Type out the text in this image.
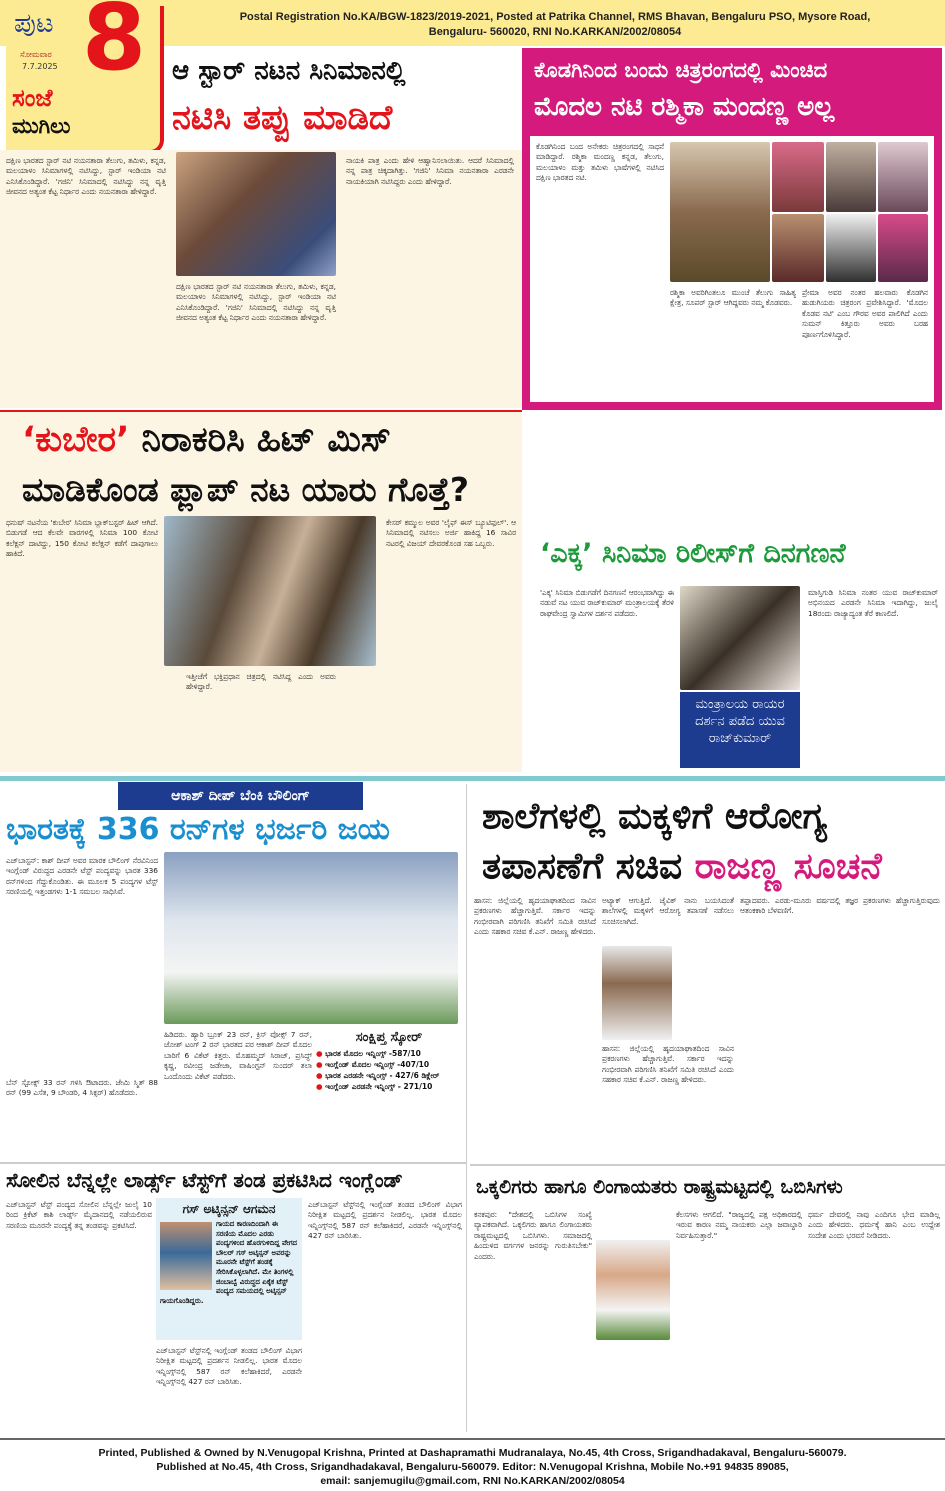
ಪುಟ 8
ಸೋಮವಾರ
7.7.2025
ಸಂಜೆ
ಮುಗಿಲು
Postal Registration No.KA/BGW-1823/2019-2021, Posted at Patrika Channel, RMS Bhavan, Bengaluru PSO, Mysore Road,
Bengaluru- 560020, RNI No.KARKAN/2002/08054
ಆ ಸ್ಟಾರ್ ನಟನ ಸಿನಿಮಾನಲ್ಲಿ
ನಟಿಸಿ ತಪ್ಪು ಮಾಡಿದೆ
ದಕ್ಷಿಣ ಭಾರತದ ಸ್ಟಾರ್ ನಟಿ ನಯನತಾರಾ ತೆಲುಗು, ತಮಿಳು, ಕನ್ನಡ, ಮಲಯಾಳಂ ಸಿನಿಮಾಗಳಲ್ಲಿ ನಟಿಸಿದ್ದು, ಸ್ಟಾರ್ ಇಂಡಿಯಾ ನಟಿ ಎನಿಸಿಕೊಂಡಿದ್ದಾರೆ. 'ಗಜಿನಿ' ಸಿನಿಮಾದಲ್ಲಿ ನಟಿಸಿದ್ದು ನನ್ನ ವೃತ್ತಿ ಜೀವನದ ಅತ್ಯಂತ ಕೆಟ್ಟ ನಿರ್ಧಾರ ಎಂದು ನಯನತಾರಾ ಹೇಳಿದ್ದಾರೆ.
ನಾಯಕಿ ಪಾತ್ರ ಎಂದು ಹೇಳಿ ಆಹ್ವಾನಿಸಲಾಯಿತು. ಆದರೆ ಸಿನಿಮಾದಲ್ಲಿ ನನ್ನ ಪಾತ್ರ ಚಿಕ್ಕದಾಗಿತ್ತು. 'ಗಜಿನಿ' ಸಿನಿಮಾ ನಯನತಾರಾ ಎರಡನೇ ನಾಯಕಿಯಾಗಿ ನಟಿಸಿದ್ದರು ಎಂದು ಹೇಳಿದ್ದಾರೆ.
ದಕ್ಷಿಣ ಭಾರತದ ಸ್ಟಾರ್ ನಟಿ ನಯನತಾರಾ ತೆಲುಗು, ತಮಿಳು, ಕನ್ನಡ, ಮಲಯಾಳಂ ಸಿನಿಮಾಗಳಲ್ಲಿ ನಟಿಸಿದ್ದು, ಸ್ಟಾರ್ ಇಂಡಿಯಾ ನಟಿ ಎನಿಸಿಕೊಂಡಿದ್ದಾರೆ. 'ಗಜಿನಿ' ಸಿನಿಮಾದಲ್ಲಿ ನಟಿಸಿದ್ದು ನನ್ನ ವೃತ್ತಿ ಜೀವನದ ಅತ್ಯಂತ ಕೆಟ್ಟ ನಿರ್ಧಾರ ಎಂದು ನಯನತಾರಾ ಹೇಳಿದ್ದಾರೆ.
ಕೊಡಗಿನಿಂದ ಬಂದು ಚಿತ್ರರಂಗದಲ್ಲಿ ಮಿಂಚಿದ
ಮೊದಲ ನಟಿ ರಶ್ಮಿಕಾ ಮಂದಣ್ಣ ಅಲ್ಲ
ಕೊಡಗಿನಿಂದ ಬಂದ ಅನೇಕರು ಚಿತ್ರರಂಗದಲ್ಲಿ ಸಾಧನೆ ಮಾಡಿದ್ದಾರೆ. ರಶ್ಮಿಕಾ ಮಂದಣ್ಣ ಕನ್ನಡ, ತೆಲುಗು, ಮಲಯಾಳಂ ಮತ್ತು ತಮಿಳು ಭಾಷೆಗಳಲ್ಲಿ ನಟಿಸಿದ ದಕ್ಷಿಣ ಭಾರತದ ನಟಿ.
ರಶ್ಮಿಕಾ ಅವರಿಗಿಂತಲೂ ಮುಂಚೆ ತೆಲುಗು ಸಾಹಿತ್ಯ ಕ್ಷೇತ್ರ, ಸೂಪರ್ ಸ್ಟಾರ್ ಆಗಿದ್ದವರು ನಮ್ಮ ಕೊಡವರು.
ಪ್ರೇಮಾ ಅವರ ನಂತರ ಹಲವಾರು ಕೊಡಗಿನ ಹುಡುಗಿಯರು ಚಿತ್ರರಂಗ ಪ್ರವೇಶಿಸಿದ್ದಾರೆ. 'ಮೊದಲ ಕೊಡವ ನಟಿ' ಎಂಬ ಗೌರವ ಅವರ ಪಾಲಿಗಿದೆ ಎಂದು ಸುಮನ್ ಕಿತ್ತೂರು ಅವರು ಬರಹ ಪೂರ್ಣಗೊಳಿಸಿದ್ದಾರೆ.
‘ಕುಬೇರ’ ನಿರಾಕರಿಸಿ ಹಿಟ್ ಮಿಸ್
ಮಾಡಿಕೊಂಡ ಫ್ಲಾಪ್ ನಟ ಯಾರು ಗೊತ್ತೆ?
ಧನುಷ್ ನಟನೆಯ 'ಕುಬೇರ' ಸಿನಿಮಾ ಬ್ಲಾಕ್‌ಬಸ್ಟರ್ ಹಿಟ್ ಆಗಿದೆ. ಬಿಡುಗಡೆ ಆದ ಕೆಲವೇ ವಾರಗಳಲ್ಲಿ ಸಿನಿಮಾ 100 ಕೋಟಿ ಕಲೆಕ್ಷನ್ ದಾಟಿದ್ದು, 150 ಕೋಟಿ ಕಲೆಕ್ಷನ್ ಕಡೆಗೆ ದಾಪುಗಾಲು ಹಾಕಿದೆ.
ಇತ್ತೀಚೆಗೆ ಭಕ್ತಿಪ್ರಧಾನ ಚಿತ್ರದಲ್ಲಿ ನಟಿಸಿದ್ದ ಎಂದು ಅವರು ಹೇಳಿದ್ದಾರೆ.
ಕೇಸರ್ ಕಮ್ಮುಲ ಅವರ 'ಲೈಫ್ ಈಸ್ ಬ್ಯೂಟಿಫುಲ್'. ಆ ಸಿನಿಮಾದಲ್ಲಿ ನಟಿಸಲು ಅರ್ಜಿ ಹಾಕಿದ್ದ 16 ಸಾವಿರ ನಟರಲ್ಲಿ ವಿಜಯ್ ದೇವರಕೊಂಡ ಸಹ ಒಬ್ಬರು.	‘ಎಕ್ಕ’ ಸಿನಿಮಾ ರಿಲೀಸ್‌ಗೆ ದಿನಗಣನೆ
'ಎಕ್ಕ' ಸಿನಿಮಾ ಬಿಡುಗಡೆಗೆ ದಿನಗಣನೆ ಆರಂಭವಾಗಿದ್ದು ಈ ನಡುವೆ ನಟ ಯುವ ರಾಜ್‌ಕುಮಾರ್ ಮಂತ್ರಾಲಯಕ್ಕೆ ತೆರಳಿ ರಾಘವೇಂದ್ರ ಸ್ವಾಮಿಗಳ ದರ್ಶನ ಪಡೆದರು.
ಮಂತ್ರಾಲಯ ರಾಯರ ದರ್ಶನ ಪಡೆದ ಯುವ ರಾಜ್‌ಕುಮಾರ್
ಮಾಸ್ತಿಗುಡಿ ಸಿನಿಮಾ ನಂತರ ಯುವ ರಾಜ್‌ಕುಮಾರ್ ಅಭಿನಯದ ಎರಡನೇ ಸಿನಿಮಾ ಇದಾಗಿದ್ದು, ಜುಲೈ 18ರಂದು ರಾಜ್ಯಾದ್ಯಂತ ತೆರೆ ಕಾಣಲಿದೆ.
ಆಕಾಶ್ ದೀಪ್ ಬೆಂಕಿ ಬೌಲಿಂಗ್
ಭಾರತಕ್ಕೆ 336 ರನ್‌ಗಳ ಭರ್ಜರಿ ಜಯ
ಎಜ್‌ಬಾಸ್ಟನ್: ಕಾಶ್ ದೀಪ್ ಅವರ ಮಾರಕ ಬೌಲಿಂಗ್ ನೆರವಿನಿಂದ ಇಂಗ್ಲೆಂಡ್ ವಿರುದ್ಧದ ಎರಡನೇ ಟೆಸ್ಟ್ ಪಂದ್ಯವನ್ನು ಭಾರತ 336 ರನ್‌ಗಳಿಂದ ಗೆದ್ದುಕೊಂಡಿತು. ಈ ಮೂಲಕ 5 ಪಂದ್ಯಗಳ ಟೆಸ್ಟ್ ಸರಣಿಯಲ್ಲಿ ಇತ್ತಂಡಗಳು 1-1 ಸಮಬಲ ಸಾಧಿಸಿವೆ.
ಬೆನ್ ಸ್ಟೋಕ್ಸ್ 33 ರನ್ ಗಳಿಸಿ ಔಟಾದರು. ಜೇಮಿ ಸ್ಮಿತ್ 88 ರನ್ (99 ಎಸೆತ, 9 ಬೌಂಡರಿ, 4 ಸಿಕ್ಸರ್) ಹೊಡೆದರು.
ಹಿಡಿದರು. ಹ್ಯಾರಿ ಬ್ರೂಕ್ 23 ರನ್, ಕ್ರಿಸ್ ವೋಕ್ಸ್ 7 ರನ್, ಜೋಶ್ ಟಂಗ್ 2 ರನ್ ಭಾರತದ ಪರ ಆಕಾಶ್ ದೀಪ್ ಮೊದಲ ಬಾರಿಗೆ 6 ವಿಕೆಟ್ ಕಿತ್ತರು. ಮೊಹಮ್ಮದ್ ಸಿರಾಜ್, ಪ್ರಸಿದ್ಧ್ ಕೃಷ್ಣ, ರವೀಂದ್ರ ಜಡೇಜಾ, ವಾಷಿಂಗ್ಟನ್ ಸುಂದರ್ ತಲಾ ಒಂದೊಂದು ವಿಕೆಟ್ ಪಡೆದರು.
ಸಂಕ್ಷಿಪ್ತ ಸ್ಕೋರ್
● ಭಾರತ ಮೊದಲ ಇನ್ನಿಂಗ್ಸ್ -587/10
● ಇಂಗ್ಲೆಂಡ್ ಮೊದಲ ಇನ್ನಿಂಗ್ಸ್ -407/10
● ಭಾರತ ಎರಡನೇ ಇನ್ನಿಂಗ್ಸ್ - 427/6 ಡಿಕ್ಲೇರ್
● ಇಂಗ್ಲೆಂಡ್ ಎರಡನೇ ಇನ್ನಿಂಗ್ಸ್ - 271/10
ಶಾಲೆಗಳಲ್ಲಿ ಮಕ್ಕಳಿಗೆ ಆರೋಗ್ಯ
ತಪಾಸಣೆಗೆ ಸಚಿವ ರಾಜಣ್ಣ ಸೂಚನೆ
ಹಾಸನ: ಜಿಲ್ಲೆಯಲ್ಲಿ ಹೃದಯಾಘಾತದಿಂದ ಸಾವಿನ ಪ್ರಕರಣಗಳು ಹೆಚ್ಚಾಗುತ್ತಿವೆ. ಸರ್ಕಾರ ಇದನ್ನು ಗಂಭೀರವಾಗಿ ಪರಿಗಣಿಸಿ ತನಿಖೆಗೆ ಸಮಿತಿ ರಚಿಸಿದೆ ಎಂದು ಸಹಕಾರ ಸಚಿವ ಕೆ.ಎನ್. ರಾಜಣ್ಣ ಹೇಳಿದರು.
ಅಟ್ಯಾಕ್ ಆಗುತ್ತಿದೆ. ಜೈವಿಕ್ ನಾನು ಬಯಸಿದಂತೆ ಶಾಲೆಗಳಲ್ಲಿ ಮಕ್ಕಳಿಗೆ ಆರೋಗ್ಯ ತಪಾಸಣೆ ನಡೆಸಲು ಸೂಚಿಸಲಾಗಿದೆ.
ಹಾಸನ: ಜಿಲ್ಲೆಯಲ್ಲಿ ಹೃದಯಾಘಾತದಿಂದ ಸಾವಿನ ಪ್ರಕರಣಗಳು ಹೆಚ್ಚಾಗುತ್ತಿವೆ. ಸರ್ಕಾರ ಇದನ್ನು ಗಂಭೀರವಾಗಿ ಪರಿಗಣಿಸಿ ತನಿಖೆಗೆ ಸಮಿತಿ ರಚಿಸಿದೆ ಎಂದು ಸಹಕಾರ ಸಚಿವ ಕೆ.ಎನ್. ರಾಜಣ್ಣ ಹೇಳಿದರು.
ತಪ್ಪಾದವರು. ಎರಡು-ಮೂರು ವರ್ಷದಲ್ಲಿ ತಜ್ಞರ ಪ್ರಕರಣಗಳು ಹೆಚ್ಚಾಗುತ್ತಿರುವುದು ಆತಂಕಕಾರಿ ಬೆಳವಣಿಗೆ.
ಸೋಲಿನ ಬೆನ್ನಲ್ಲೇ ಲಾರ್ಡ್ಸ್ ಟೆಸ್ಟ್‌ಗೆ ತಂಡ ಪ್ರಕಟಿಸಿದ ಇಂಗ್ಲೆಂಡ್
ಎಜ್‌ಬಾಸ್ಟನ್ ಟೆಸ್ಟ್ ಪಂದ್ಯದ ಸೋಲಿನ ಬೆನ್ನಲ್ಲೇ ಜುಲೈ 10 ರಿಂದ ಕ್ರಿಕೆಟ್ ಕಾಶಿ ಲಾರ್ಡ್ಸ್ ಮೈದಾನದಲ್ಲಿ ನಡೆಯಲಿರುವ ಸರಣಿಯ ಮೂರನೇ ಪಂದ್ಯಕ್ಕೆ ತನ್ನ ತಂಡವನ್ನು ಪ್ರಕಟಿಸಿದೆ.
ಗಸ್ ಅಟ್ಕಿನ್ಸನ್ ಆಗಮನ
ಗಾಯದ ಕಾರಣದಿಂದಾಗಿ ಈ ಸರಣಿಯ ಮೊದಲ ಎರಡು ಪಂದ್ಯಗಳಿಂದ ಹೊರಗುಳಿದಿದ್ದ ವೇಗದ ಬೌಲರ್ ಗಸ್ ಅಟ್ಕಿನ್ಸನ್ ಅವರನ್ನು ಮೂರನೇ ಟೆಸ್ಟ್‌ಗೆ ತಂಡಕ್ಕೆ ಸೇರಿಸಿಕೊಳ್ಳಲಾಗಿದೆ. ಮೇ ತಿಂಗಳಲ್ಲಿ ಜಿಂಬಾಬ್ವೆ ವಿರುದ್ಧದ ಏಕೈಕ ಟೆಸ್ಟ್ ಪಂದ್ಯದ ಸಮಯದಲ್ಲಿ ಅಟ್ಕಿನ್ಸನ್ ಗಾಯಗೊಂಡಿದ್ದರು.
ಎಜ್‌ಬಾಸ್ಟನ್ ಟೆಸ್ಟ್‌ನಲ್ಲಿ ಇಂಗ್ಲೆಂಡ್ ತಂಡದ ಬೌಲಿಂಗ್ ವಿಭಾಗ ನಿರೀಕ್ಷಿತ ಮಟ್ಟದಲ್ಲಿ ಪ್ರದರ್ಶನ ನೀಡಲಿಲ್ಲ. ಭಾರತ ಮೊದಲ ಇನ್ನಿಂಗ್ಸ್‌ನಲ್ಲಿ 587 ರನ್ ಕಲೆಹಾಕಿದರೆ, ಎರಡನೇ ಇನ್ನಿಂಗ್ಸ್‌ನಲ್ಲಿ 427 ರನ್ ಬಾರಿಸಿತು.
ಎಜ್‌ಬಾಸ್ಟನ್ ಟೆಸ್ಟ್‌ನಲ್ಲಿ ಇಂಗ್ಲೆಂಡ್ ತಂಡದ ಬೌಲಿಂಗ್ ವಿಭಾಗ ನಿರೀಕ್ಷಿತ ಮಟ್ಟದಲ್ಲಿ ಪ್ರದರ್ಶನ ನೀಡಲಿಲ್ಲ. ಭಾರತ ಮೊದಲ ಇನ್ನಿಂಗ್ಸ್‌ನಲ್ಲಿ 587 ರನ್ ಕಲೆಹಾಕಿದರೆ, ಎರಡನೇ ಇನ್ನಿಂಗ್ಸ್‌ನಲ್ಲಿ 427 ರನ್ ಬಾರಿಸಿತು.
ಒಕ್ಕಲಿಗರು ಹಾಗೂ ಲಿಂಗಾಯತರು ರಾಷ್ಟ್ರಮಟ್ಟದಲ್ಲಿ ಒಬಿಸಿಗಳು
ಕನಕಪುರ: "ದೇಶದಲ್ಲಿ ಒಬಿಸಿಗಳ ಸಂಖ್ಯೆ ವ್ಯಾಪಕವಾಗಿದೆ. ಒಕ್ಕಲಿಗರು ಹಾಗೂ ಲಿಂಗಾಯತರು ರಾಷ್ಟ್ರಮಟ್ಟದಲ್ಲಿ ಒಬಿಸಿಗಳು. ಸಮಾಜದಲ್ಲಿ ಹಿಂದುಳಿದ ವರ್ಗಗಳ ಜನರನ್ನು ಗುರುತಿಸಬೇಕು" ಎಂದರು.
ಕೆಲಸಗಳು ಆಗಲಿದೆ. "ರಾಜ್ಯದಲ್ಲಿ ಪಕ್ಷ ಅಧಿಕಾರದಲ್ಲಿ ಇರುವ ಕಾರಣ ನಮ್ಮ ನಾಯಕರು ಎಲ್ಲಾ ಜವಾಬ್ದಾರಿ ನಿರ್ವಹಿಸುತ್ತಾರೆ."
ಧರ್ಮ ದೇವರಲ್ಲಿ ನಾವು ಎಂದಿಗೂ ಭೇದ ಮಾಡಿಲ್ಲ ಎಂದು ಹೇಳಿದರು. ಧರ್ಮಕ್ಕೆ ಹಾನಿ ಎಂಬ ಉದ್ದೇಶ ಸಂದೇಶ ಎಂದು ಭರವಸೆ ನೀಡಿದರು.
Printed, Published & Owned by N.Venugopal Krishna, Printed at Dashapramathi Mudranalaya, No.45, 4th Cross, Srigandhadakaval, Bengaluru-560079.
Published at No.45, 4th Cross, Srigandhadakaval, Bengaluru-560079. Editor: N.Venugopal Krishna, Mobile No.+91 94835 89085,
email: sanjemugilu@gmail.com, RNI No.KARKAN/2002/08054
